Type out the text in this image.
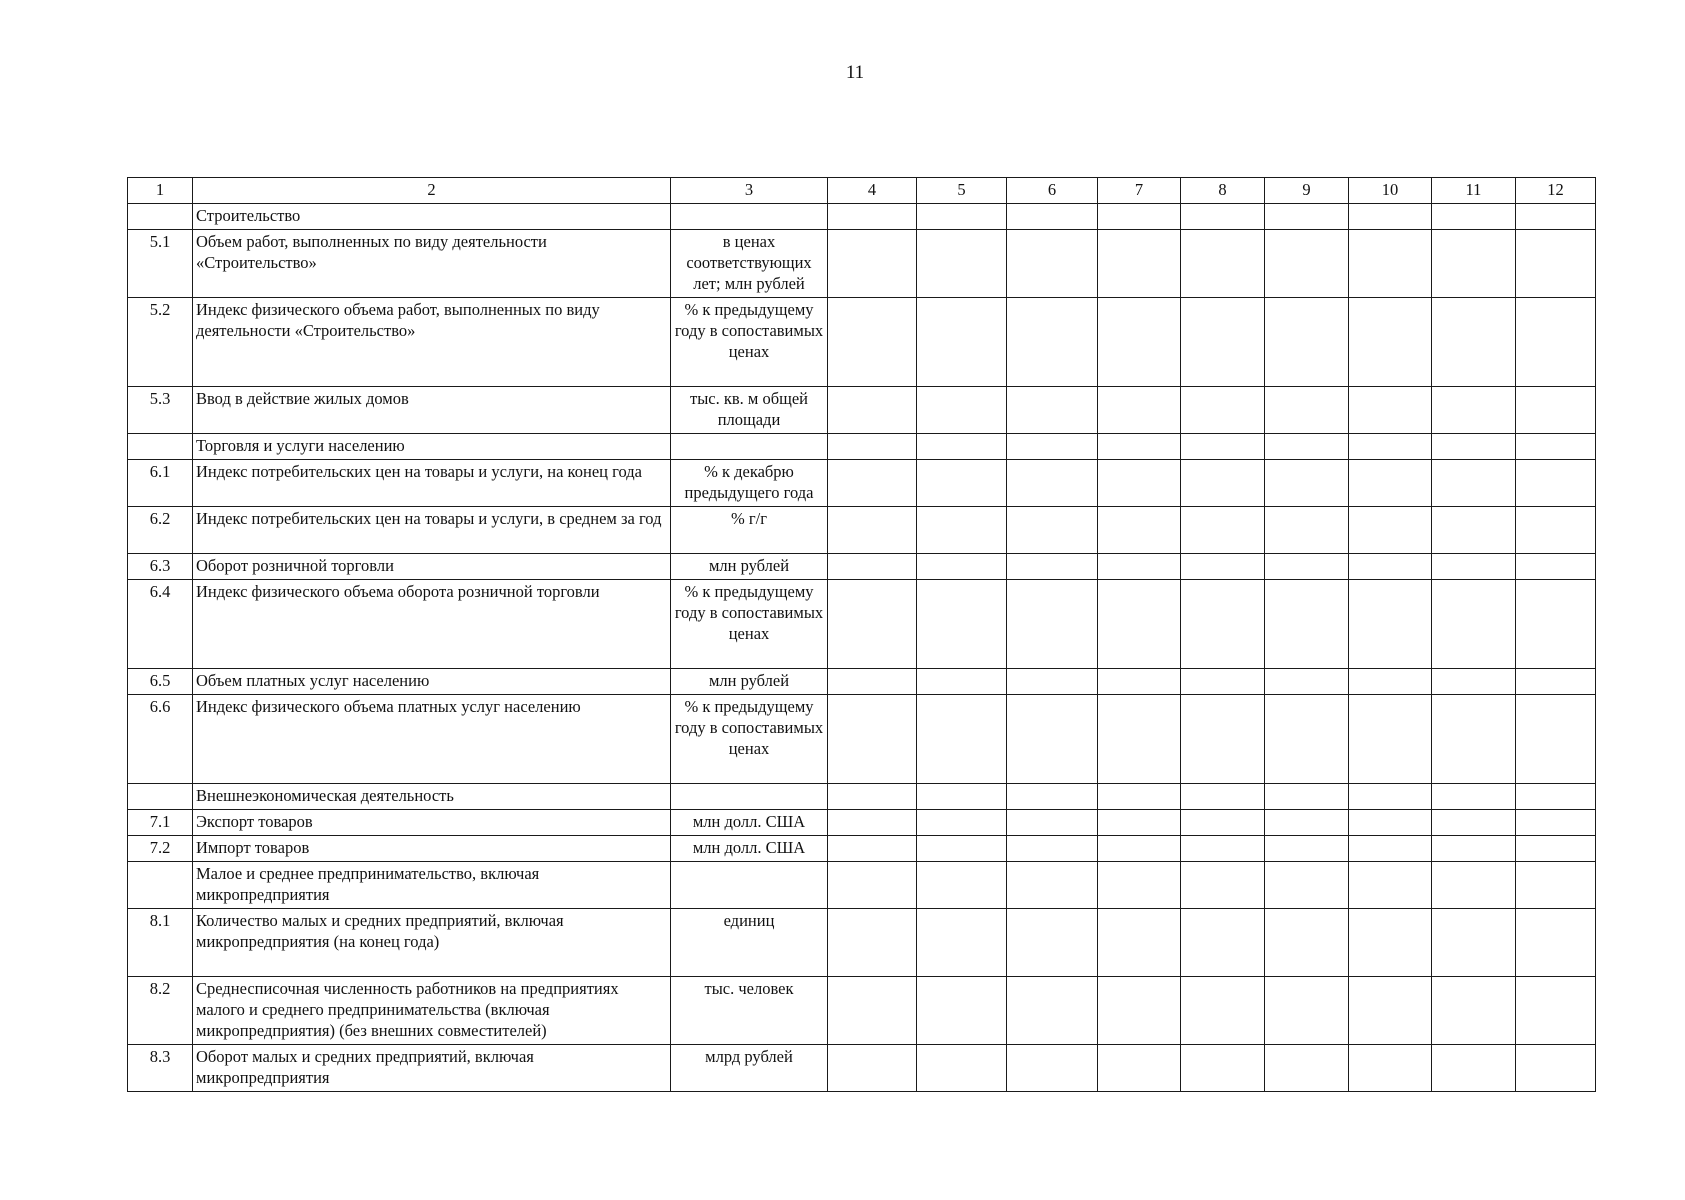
11
1	2	3	4	5	6	7	8	9	10	11	12
	Строительство										
5.1	Объем работ, выполненных по виду деятельности «Строительство»	в ценах соответствующих лет; млн рублей									
5.2	Индекс физического объема работ, выполненных по виду деятельности «Строительство»	% к предыдущему году в сопоставимых ценах									
5.3	Ввод в действие жилых домов	тыс. кв. м общей площади									
	Торговля и услуги населению										
6.1	Индекс потребительских цен на товары и услуги, на конец года	% к декабрю предыдущего года									
6.2	Индекс потребительских цен на товары и услуги, в среднем за год	% г/г									
6.3	Оборот розничной торговли	млн рублей									
6.4	Индекс физического объема оборота розничной торговли	% к предыдущему году в сопоставимых ценах									
6.5	Объем платных услуг населению	млн рублей									
6.6	Индекс физического объема платных услуг населению	% к предыдущему году в сопоставимых ценах									
	Внешнеэкономическая деятельность										
7.1	Экспорт товаров	млн долл. США									
7.2	Импорт товаров	млн долл. США									
	Малое и среднее предпринимательство, включая микропредприятия										
8.1	Количество малых и средних предприятий, включая микропредприятия (на конец года)	единиц									
8.2	Среднесписочная численность работников на предприятиях малого и среднего предпринимательства (включая микропредприятия) (без внешних совместителей)	тыс. человек									
8.3	Оборот малых и средних предприятий, включая микропредприятия	млрд рублей									
